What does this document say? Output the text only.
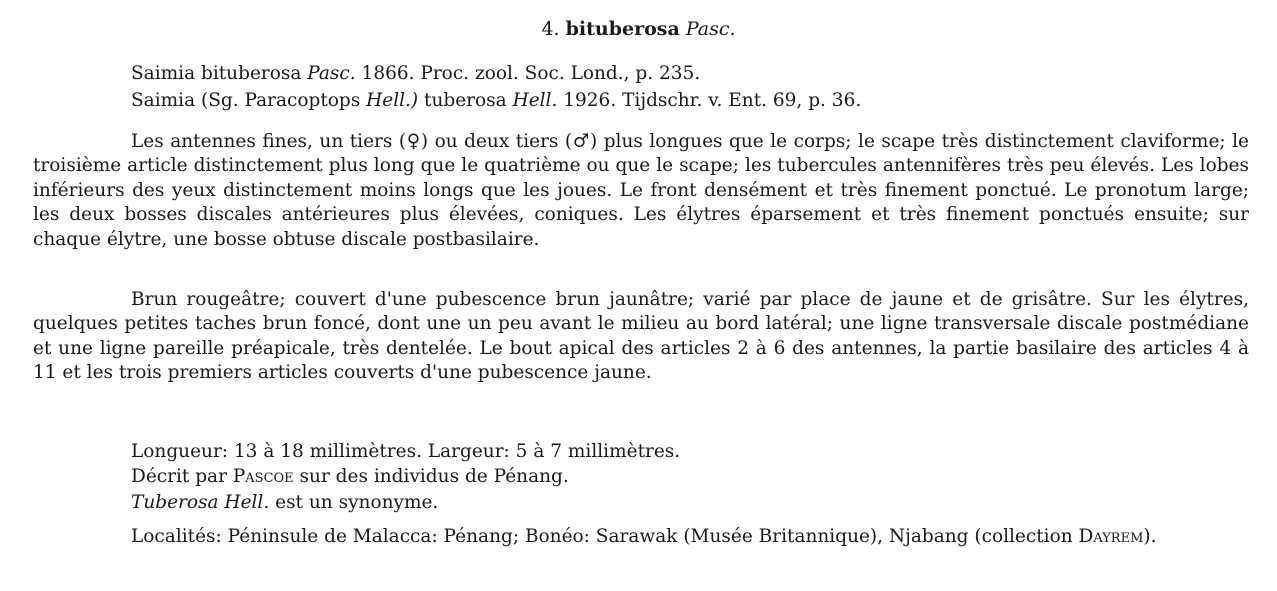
4. bituberosa Pasc.
Saimia bituberosa Pasc. 1866. Proc. zool. Soc. Lond., p. 235.
Saimia (Sg. Paracoptops Hell.) tuberosa Hell. 1926. Tijdschr. v. Ent. 69, p. 36.

Les antennes fines, un tiers (♀) ou deux tiers (♂) plus longues que le corps; le scape très distinctement claviforme; le troisième article distinctement plus long que le quatrième ou que le scape; les tubercules antennifères très peu élevés. Les lobes inférieurs des yeux distinctement moins longs que les joues. Le front densément et très finement ponctué. Le pronotum large; les deux bosses discales antérieures plus élevées, coniques. Les élytres éparsement et très finement ponctués ensuite; sur chaque élytre, une bosse obtuse discale postbasilaire.

Brun rougeâtre; couvert d'une pubescence brun jaunâtre; varié par place de jaune et de grisâtre. Sur les élytres, quelques petites taches brun foncé, dont une un peu avant le milieu au bord latéral; une ligne transversale discale postmédiane et une ligne pareille préapicale, très dentelée. Le bout apical des articles 2 à 6 des antennes, la partie basilaire des articles 4 à 11 et les trois premiers articles couverts d'une pubescence jaune.

Longueur: 13 à 18 millimètres. Largeur: 5 à 7 millimètres.
Décrit par Pascoe sur des individus de Pénang.
Tuberosa Hell. est un synonyme.

Localités: Péninsule de Malacca: Pénang; Bonéo: Sarawak (Musée Britannique), Njabang (collection Dayrem).
